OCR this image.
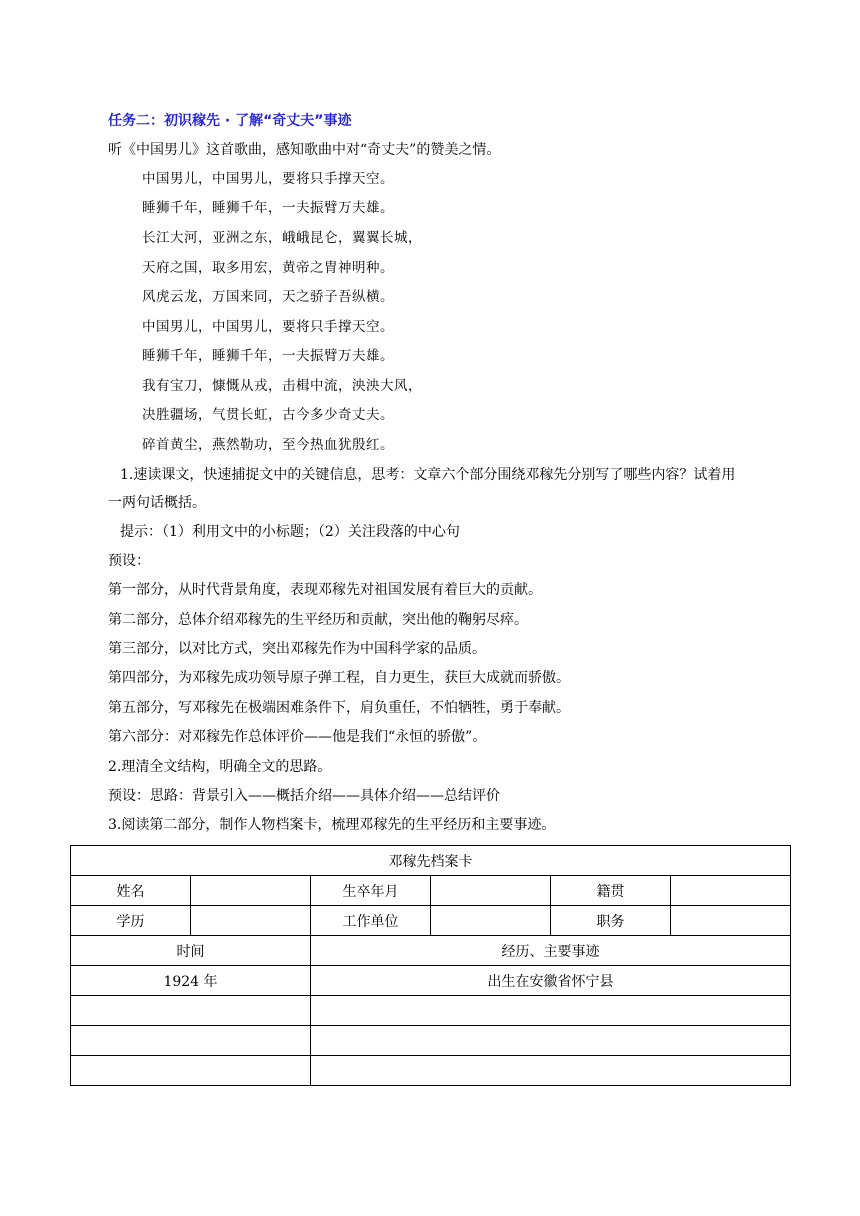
任务二：初识稼先 · 了解“奇丈夫”事迹
听《中国男儿》这首歌曲，感知歌曲中对“奇丈夫”的赞美之情。
中国男儿，中国男儿，要将只手撑天空。
睡狮千年，睡狮千年，一夫振臂万夫雄。
长江大河，亚洲之东，峨峨昆仑，翼翼长城，
天府之国，取多用宏，黄帝之胄神明种。
风虎云龙，万国来同，天之骄子吾纵横。
中国男儿，中国男儿，要将只手撑天空。
睡狮千年，睡狮千年，一夫振臂万夫雄。
我有宝刀，慷慨从戎，击楫中流，泱泱大风，
决胜疆场，气贯长虹，古今多少奇丈夫。
碎首黄尘，燕然勒功，至今热血犹殷红。
1.速读课文，快速捕捉文中的关键信息，思考：文章六个部分围绕邓稼先分别写了哪些内容？试着用
一两句话概括。
提示：（1）利用文中的小标题；（2）关注段落的中心句
预设：
第一部分，从时代背景角度，表现邓稼先对祖国发展有着巨大的贡献。
第二部分，总体介绍邓稼先的生平经历和贡献，突出他的鞠躬尽瘁。
第三部分，以对比方式，突出邓稼先作为中国科学家的品质。
第四部分，为邓稼先成功领导原子弹工程，自力更生，获巨大成就而骄傲。
第五部分，写邓稼先在极端困难条件下，肩负重任，不怕牺牲，勇于奉献。
第六部分：对邓稼先作总体评价——他是我们“永恒的骄傲”。
2.理清全文结构，明确全文的思路。
预设：思路：背景引入——概括介绍——具体介绍——总结评价
3.阅读第二部分，制作人物档案卡，梳理邓稼先的生平经历和主要事迹。
邓稼先档案卡					
姓名		生卒年月		籍贯	
学历		工作单位		职务	
时间		经历、主要事迹			
1924 年		出生在安徽省怀宁县			
